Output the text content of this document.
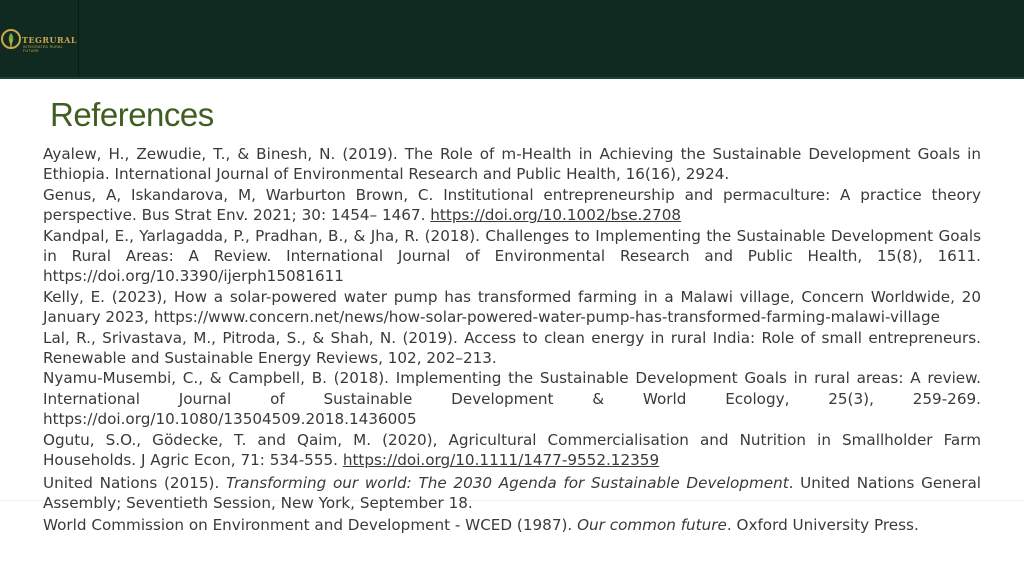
TEGRURAL
INTEGRATED RURAL FUTURE
References

Ayalew, H., Zewudie, T., & Binesh, N. (2019). The Role of m-Health in Achieving the Sustainable Development Goals in Ethiopia. International Journal of Environmental Research and Public Health, 16(16), 2924.

Genus, A, Iskandarova, M, Warburton Brown, C. Institutional entrepreneurship and permaculture: A practice theory perspective. Bus Strat Env. 2021; 30: 1454– 1467. https://doi.org/10.1002/bse.2708

Kandpal, E., Yarlagadda, P., Pradhan, B., & Jha, R. (2018). Challenges to Implementing the Sustainable Development Goals in Rural Areas: A Review. International Journal of Environmental Research and Public Health, 15(8), 1611. https://doi.org/10.3390/ijerph15081611

Kelly, E. (2023), How a solar-powered water pump has transformed farming in a Malawi village, Concern Worldwide, 20 January 2023, https://www.concern.net/news/how-solar-powered-water-pump-has-transformed-farming-malawi-village

Lal, R., Srivastava, M., Pitroda, S., & Shah, N. (2019). Access to clean energy in rural India: Role of small entrepreneurs. Renewable and Sustainable Energy Reviews, 102, 202–213.

Nyamu-Musembi, C., & Campbell, B. (2018). Implementing the Sustainable Development Goals in rural areas: A review. International Journal of Sustainable Development & World Ecology, 25(3), 259-269. https://doi.org/10.1080/13504509.2018.1436005

Ogutu, S.O., Gödecke, T. and Qaim, M. (2020), Agricultural Commercialisation and Nutrition in Smallholder Farm Households. J Agric Econ, 71: 534-555. https://doi.org/10.1111/1477-9552.12359

United Nations (2015). Transforming our world: The 2030 Agenda for Sustainable Development. United Nations General Assembly; Seventieth Session, New York, September 18.

World Commission on Environment and Development - WCED (1987). Our common future. Oxford University Press.
